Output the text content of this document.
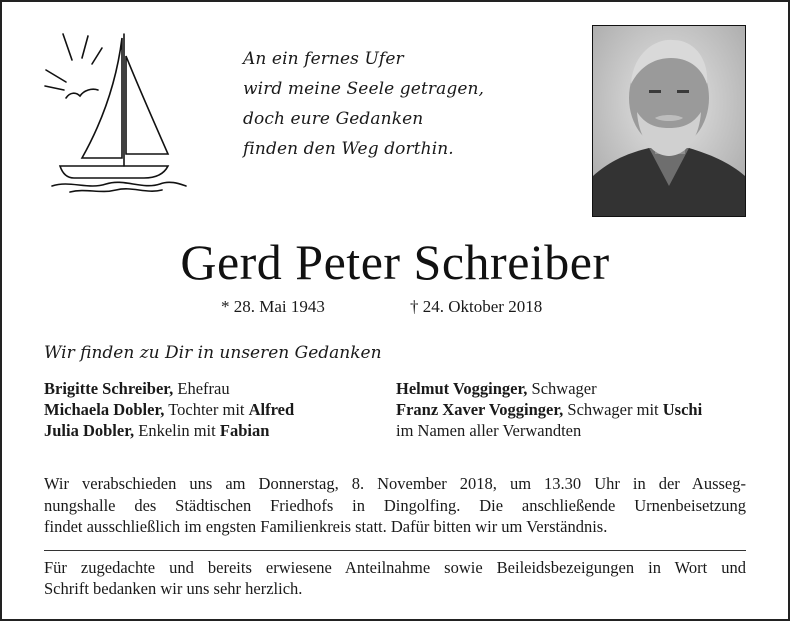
An ein fernes Ufer
wird meine Seele getragen,
doch eure Gedanken
finden den Weg dorthin.
Gerd Peter Schreiber
* 28. Mai 1943	† 24. Oktober 2018
Wir finden zu Dir in unseren Gedanken
Brigitte Schreiber, Ehefrau
Michaela Dobler, Tochter mit Alfred
Julia Dobler, Enkelin mit Fabian
Helmut Vogginger, Schwager
Franz Xaver Vogginger, Schwager mit Uschi
im Namen aller Verwandten
Wir verabschieden uns am Donnerstag, 8. November 2018, um 13.30 Uhr in der Ausseg-
nungshalle des Städtischen Friedhofs in Dingolfing. Die anschließende Urnenbeisetzung
findet ausschließlich im engsten Familienkreis statt. Dafür bitten wir um Verständnis.
Für zugedachte und bereits erwiesene Anteilnahme sowie Beileidsbezeigungen in Wort und
Schrift bedanken wir uns sehr herzlich.
